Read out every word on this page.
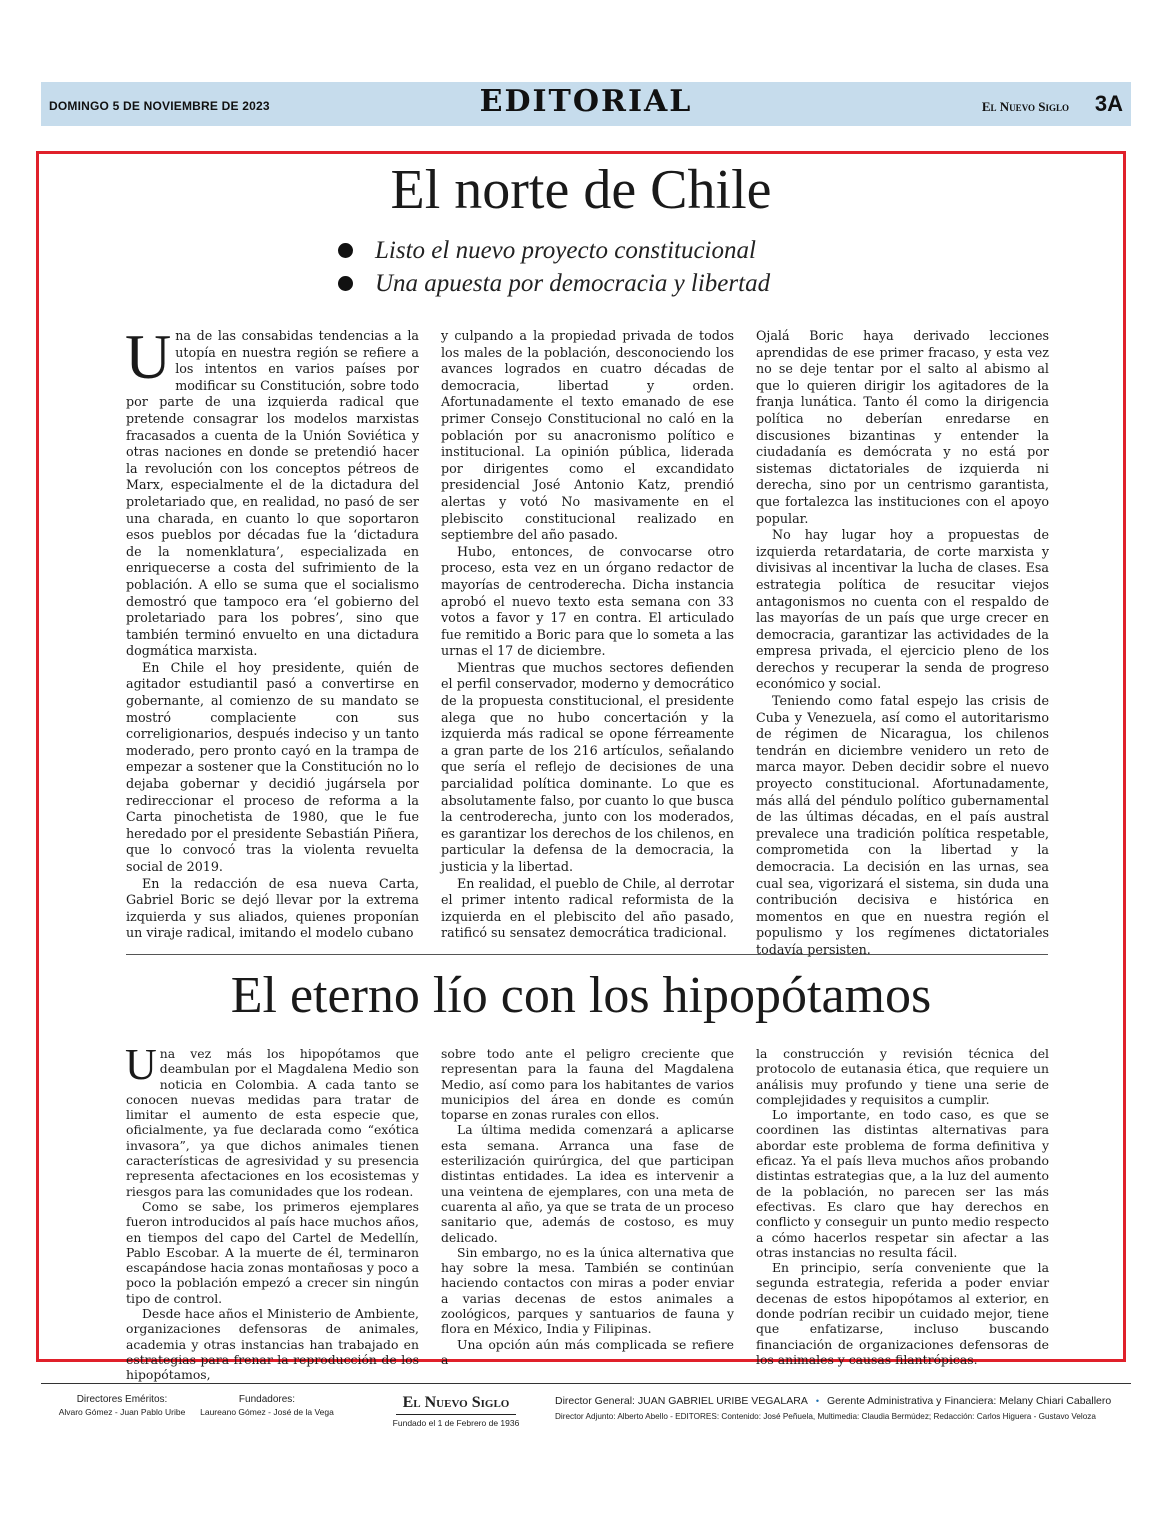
DOMINGO 5 DE NOVIEMBRE DE 2023	EDITORIAL	El Nuevo Siglo 3A
El norte de Chile
Listo el nuevo proyecto constitucional
Una apuesta por democracia y libertad

Una de las consabidas tendencias a la utopía en nuestra región se refiere a los intentos en varios países por modificar su Constitución, sobre todo por parte de una izquierda radical que pretende consagrar los modelos marxistas fracasados a cuenta de la Unión Soviética y otras naciones en donde se pretendió hacer la revolución con los conceptos pétreos de Marx, especialmente el de la dictadura del proletariado que, en realidad, no pasó de ser una charada, en cuanto lo que soportaron esos pueblos por décadas fue la ‘dictadura de la nomenklatura’, especializada en enriquecerse a costa del sufrimiento de la población. A ello se suma que el socialismo demostró que tampoco era ‘el gobierno del proletariado para los pobres’, sino que también terminó envuelto en una dictadura dogmática marxista.

En Chile el hoy presidente, quién de agitador estudiantil pasó a convertirse en gobernante, al comienzo de su mandato se mostró complaciente con sus correligionarios, después indeciso y un tanto moderado, pero pronto cayó en la trampa de empezar a sostener que la Constitución no lo dejaba gobernar y decidió jugársela por redireccionar el proceso de reforma a la Carta pinochetista de 1980, que le fue heredado por el presidente Sebastián Piñera, que lo convocó tras la violenta revuelta social de 2019.

En la redacción de esa nueva Carta, Gabriel Boric se dejó llevar por la extrema izquierda y sus aliados, quienes proponían un viraje radical, imitando el modelo cubano

y culpando a la propiedad privada de todos los males de la población, desconociendo los avances logrados en cuatro décadas de democracia, libertad y orden. Afortunadamente el texto emanado de ese primer Consejo Constitucional no caló en la población por su anacronismo político e institucional. La opinión pública, liderada por dirigentes como el excandidato presidencial José Antonio Katz, prendió alertas y votó No masivamente en el plebiscito constitucional realizado en septiembre del año pasado.

Hubo, entonces, de convocarse otro proceso, esta vez en un órgano redactor de mayorías de centroderecha. Dicha instancia aprobó el nuevo texto esta semana con 33 votos a favor y 17 en contra. El articulado fue remitido a Boric para que lo someta a las urnas el 17 de diciembre.

Mientras que muchos sectores defienden el perfil conservador, moderno y democrático de la propuesta constitucional, el presidente alega que no hubo concertación y la izquierda más radical se opone férreamente a gran parte de los 216 artículos, señalando que sería el reflejo de decisiones de una parcialidad política dominante. Lo que es absolutamente falso, por cuanto lo que busca la centroderecha, junto con los moderados, es garantizar los derechos de los chilenos, en particular la defensa de la democracia, la justicia y la libertad.

En realidad, el pueblo de Chile, al derrotar el primer intento radical reformista de la izquierda en el plebiscito del año pasado, ratificó su sensatez democrática tradicional.

Ojalá Boric haya derivado lecciones aprendidas de ese primer fracaso, y esta vez no se deje tentar por el salto al abismo al que lo quieren dirigir los agitadores de la franja lunática. Tanto él como la dirigencia política no deberían enredarse en discusiones bizantinas y entender la ciudadanía es demócrata y no está por sistemas dictatoriales de izquierda ni derecha, sino por un centrismo garantista, que fortalezca las instituciones con el apoyo popular.

No hay lugar hoy a propuestas de izquierda retardataria, de corte marxista y divisivas al incentivar la lucha de clases. Esa estrategia política de resucitar viejos antagonismos no cuenta con el respaldo de las mayorías de un país que urge crecer en democracia, garantizar las actividades de la empresa privada, el ejercicio pleno de los derechos y recuperar la senda de progreso económico y social.

Teniendo como fatal espejo las crisis de Cuba y Venezuela, así como el autoritarismo de régimen de Nicaragua, los chilenos tendrán en diciembre venidero un reto de marca mayor. Deben decidir sobre el nuevo proyecto constitucional. Afortunadamente, más allá del péndulo político gubernamental de las últimas décadas, en el país austral prevalece una tradición política respetable, comprometida con la libertad y la democracia. La decisión en las urnas, sea cual sea, vigorizará el sistema, sin duda una contribución decisiva e histórica en momentos en que en nuestra región el populismo y los regímenes dictatoriales todavía persisten.

El eterno lío con los hipopótamos

Una vez más los hipopótamos que deambulan por el Magdalena Medio son noticia en Colombia. A cada tanto se conocen nuevas medidas para tratar de limitar el aumento de esta especie que, oficialmente, ya fue declarada como “exótica invasora”, ya que dichos animales tienen características de agresividad y su presencia representa afectaciones en los ecosistemas y riesgos para las comunidades que los rodean.

Como se sabe, los primeros ejemplares fueron introducidos al país hace muchos años, en tiempos del capo del Cartel de Medellín, Pablo Escobar. A la muerte de él, terminaron escapándose hacia zonas montañosas y poco a poco la población empezó a crecer sin ningún tipo de control.

Desde hace años el Ministerio de Ambiente, organizaciones defensoras de animales, academia y otras instancias han trabajado en estrategias para frenar la reproducción de los hipopótamos,

sobre todo ante el peligro creciente que representan para la fauna del Magdalena Medio, así como para los habitantes de varios municipios del área en donde es común toparse en zonas rurales con ellos.

La última medida comenzará a aplicarse esta semana. Arranca una fase de esterilización quirúrgica, del que participan distintas entidades. La idea es intervenir a una veintena de ejemplares, con una meta de cuarenta al año, ya que se trata de un proceso sanitario que, además de costoso, es muy delicado.

Sin embargo, no es la única alternativa que hay sobre la mesa. También se continúan haciendo contactos con miras a poder enviar a varias decenas de estos animales a zoológicos, parques y santuarios de fauna y flora en México, India y Filipinas.

Una opción aún más complicada se refiere a

la construcción y revisión técnica del protocolo de eutanasia ética, que requiere un análisis muy profundo y tiene una serie de complejidades y requisitos a cumplir.

Lo importante, en todo caso, es que se coordinen las distintas alternativas para abordar este problema de forma definitiva y eficaz. Ya el país lleva muchos años probando distintas estrategias que, a la luz del aumento de la población, no parecen ser las más efectivas. Es claro que hay derechos en conflicto y conseguir un punto medio respecto a cómo hacerlos respetar sin afectar a las otras instancias no resulta fácil.

En principio, sería conveniente que la segunda estrategia, referida a poder enviar decenas de estos hipopótamos al exterior, en donde podrían recibir un cuidado mejor, tiene que enfatizarse, incluso buscando financiación de organizaciones defensoras de los animales y causas filantrópicas.

Directores Eméritos:
Alvaro Gómez - Juan Pablo Uribe
Fundadores:
Laureano Gómez - José de la Vega
El Nuevo Siglo
Fundado el 1 de Febrero de 1936
Director General: JUAN GABRIEL URIBE VEGALARA • Gerente Administrativa y Financiera: Melany Chiari Caballero
Director Adjunto: Alberto Abello - EDITORES: Contenido: José Peñuela, Multimedia: Claudia Bermúdez; Redacción: Carlos Higuera - Gustavo Veloza
